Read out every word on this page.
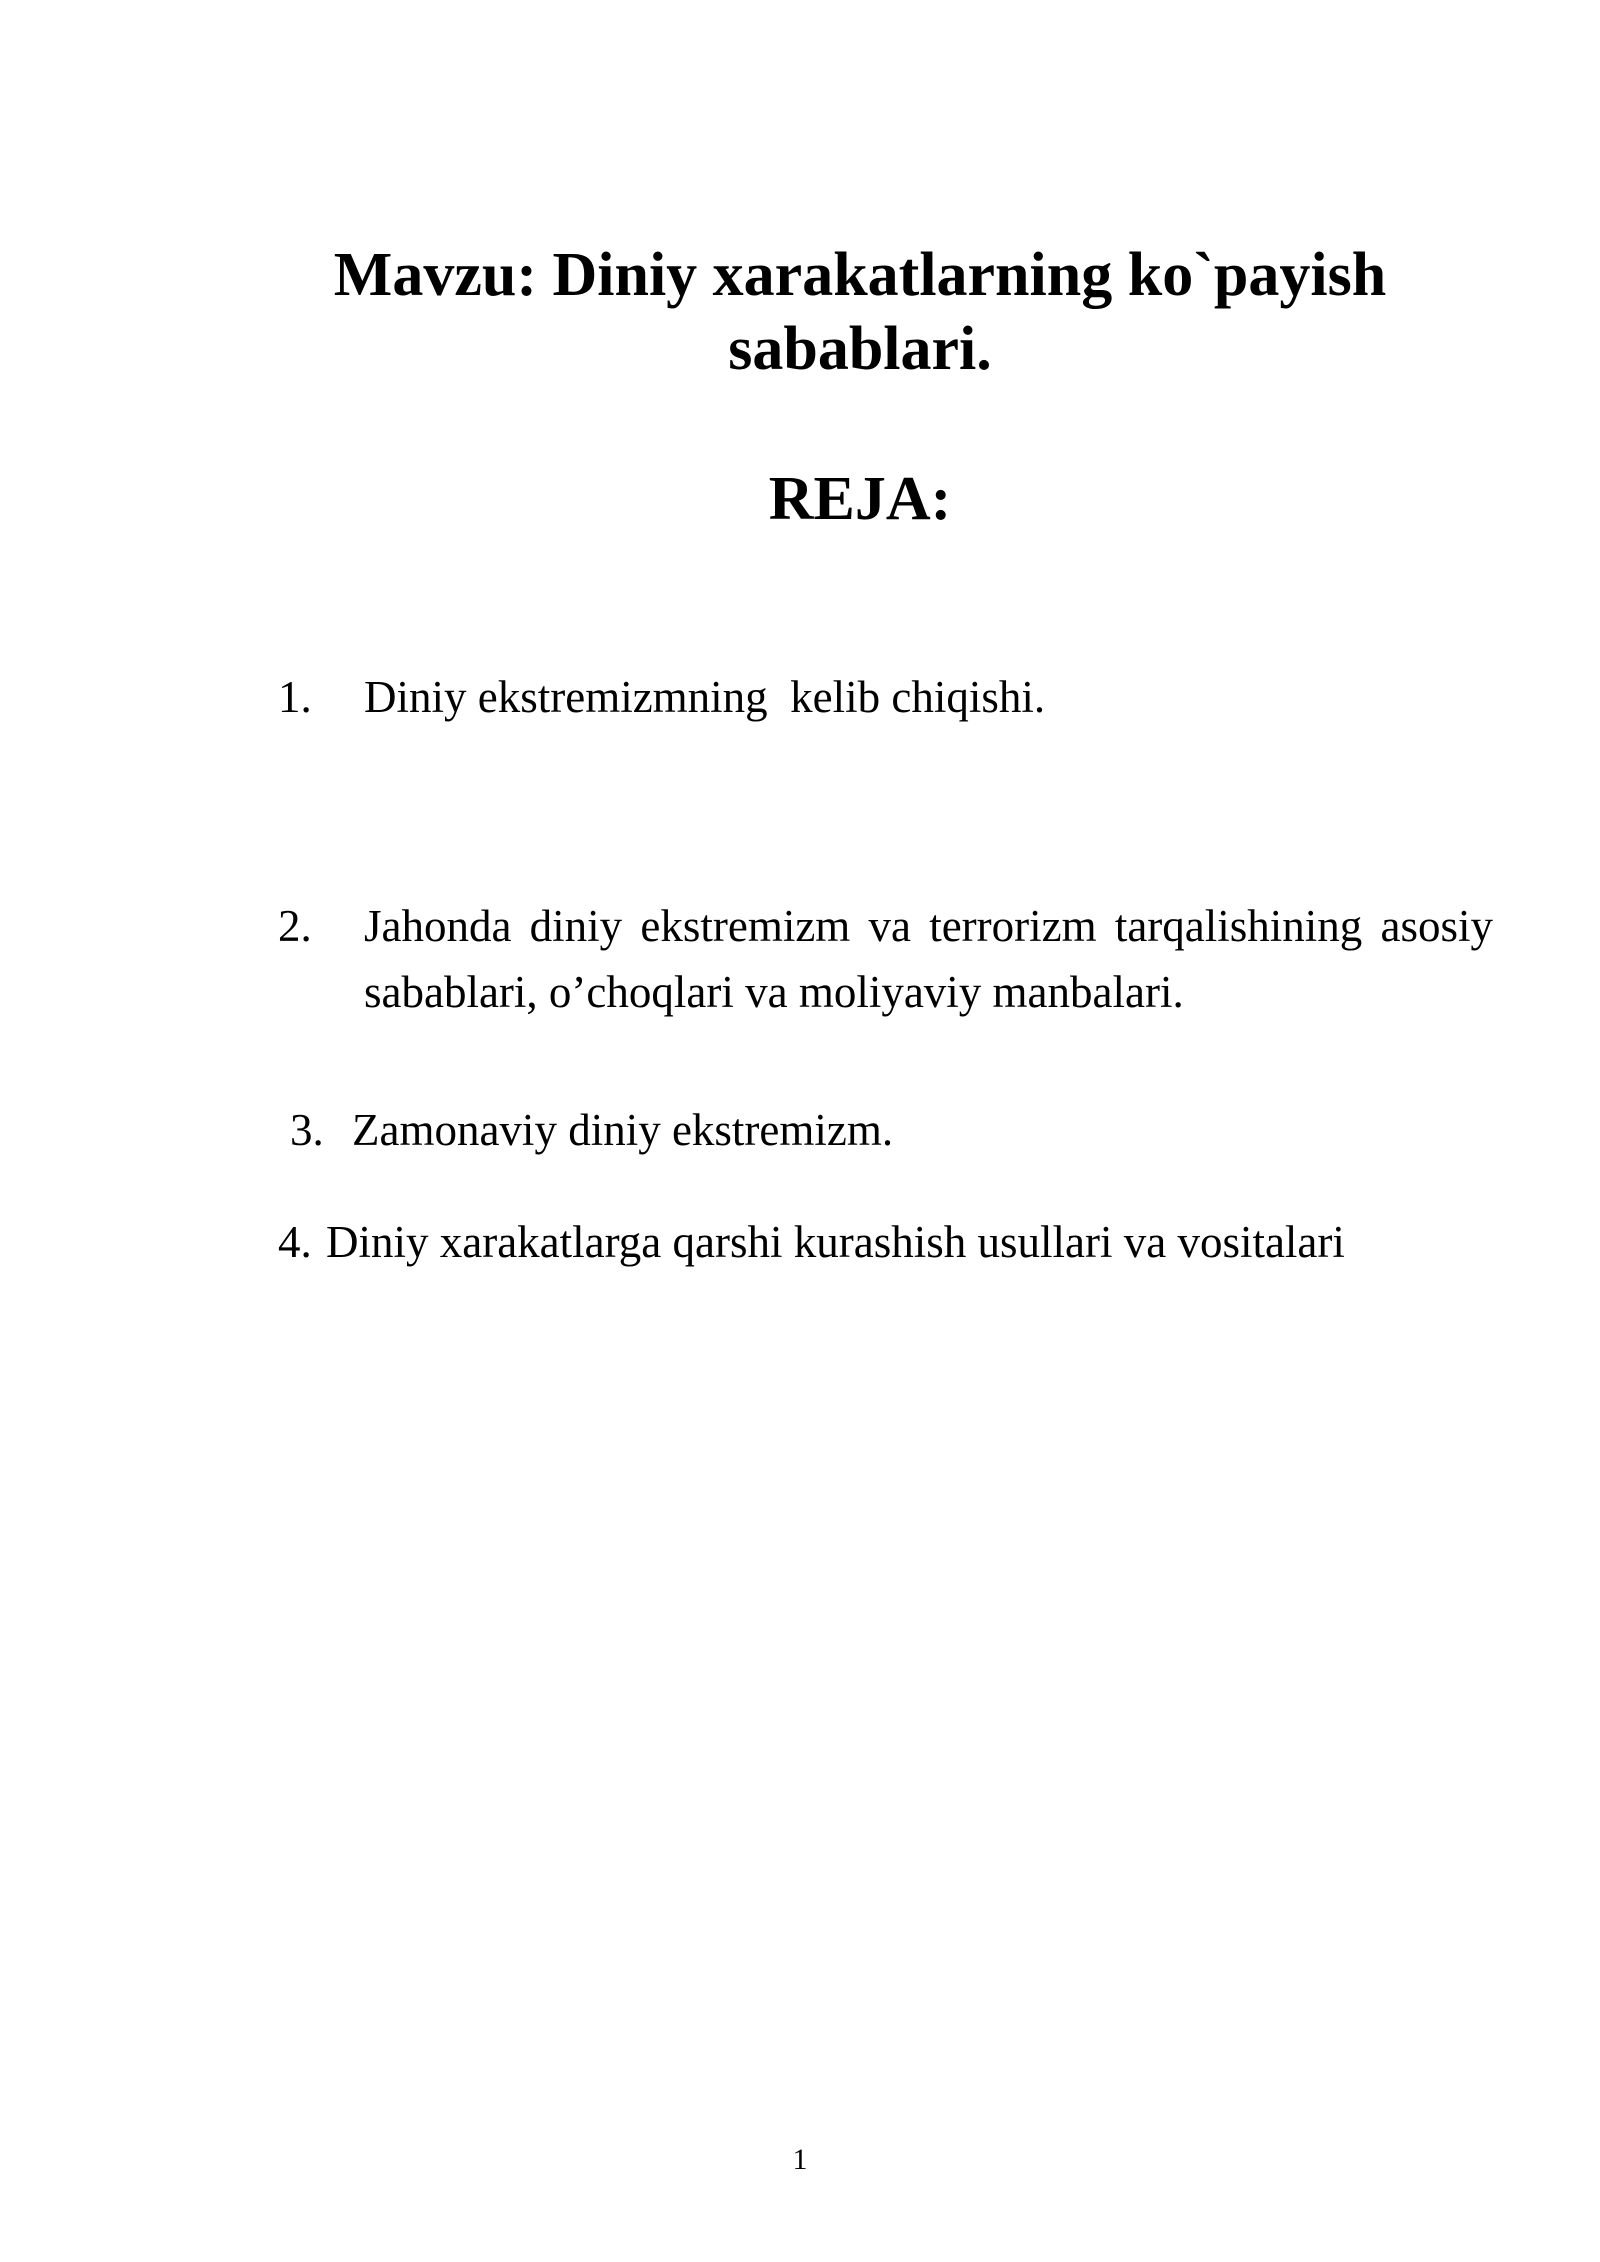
Mavzu: Diniy xarakatlarning ko`payish sabablari.
REJA:
1. Diniy ekstremizmning  kelib chiqishi.
2. Jahonda diniy ekstremizm va terrorizm tarqalishining asosiy sabablari, o’choqlari va moliyaviy manbalari.
3. Zamonaviy diniy ekstremizm.
4. Diniy xarakatlarga qarshi kurashish usullari va vositalari
1
